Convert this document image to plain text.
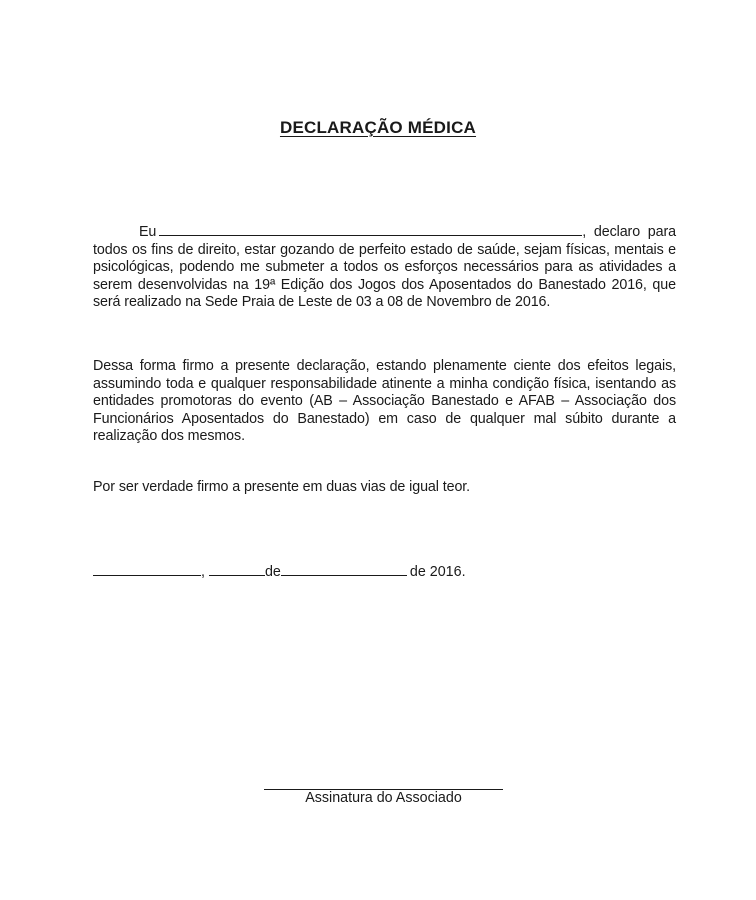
DECLARAÇÃO MÉDICA
Eu	, declaro para todos os fins de direito, estar gozando de perfeito estado de saúde, sejam físicas, mentais e psicológicas, podendo me submeter a todos os esforços necessários para as atividades a serem desenvolvidas na 19ª Edição dos Jogos dos Aposentados do Banestado 2016, que será realizado na Sede Praia de Leste de 03 a 08 de Novembro de 2016.
Dessa forma firmo a presente declaração, estando plenamente ciente dos efeitos legais, assumindo toda e qualquer responsabilidade atinente a minha condição física, isentando as entidades promotoras do evento (AB – Associação Banestado e AFAB – Associação dos Funcionários Aposentados do Banestado) em caso de qualquer mal súbito durante a realização dos mesmos.
Por ser verdade firmo a presente em duas vias de igual teor.
,	de	de 2016.
Assinatura do Associado
